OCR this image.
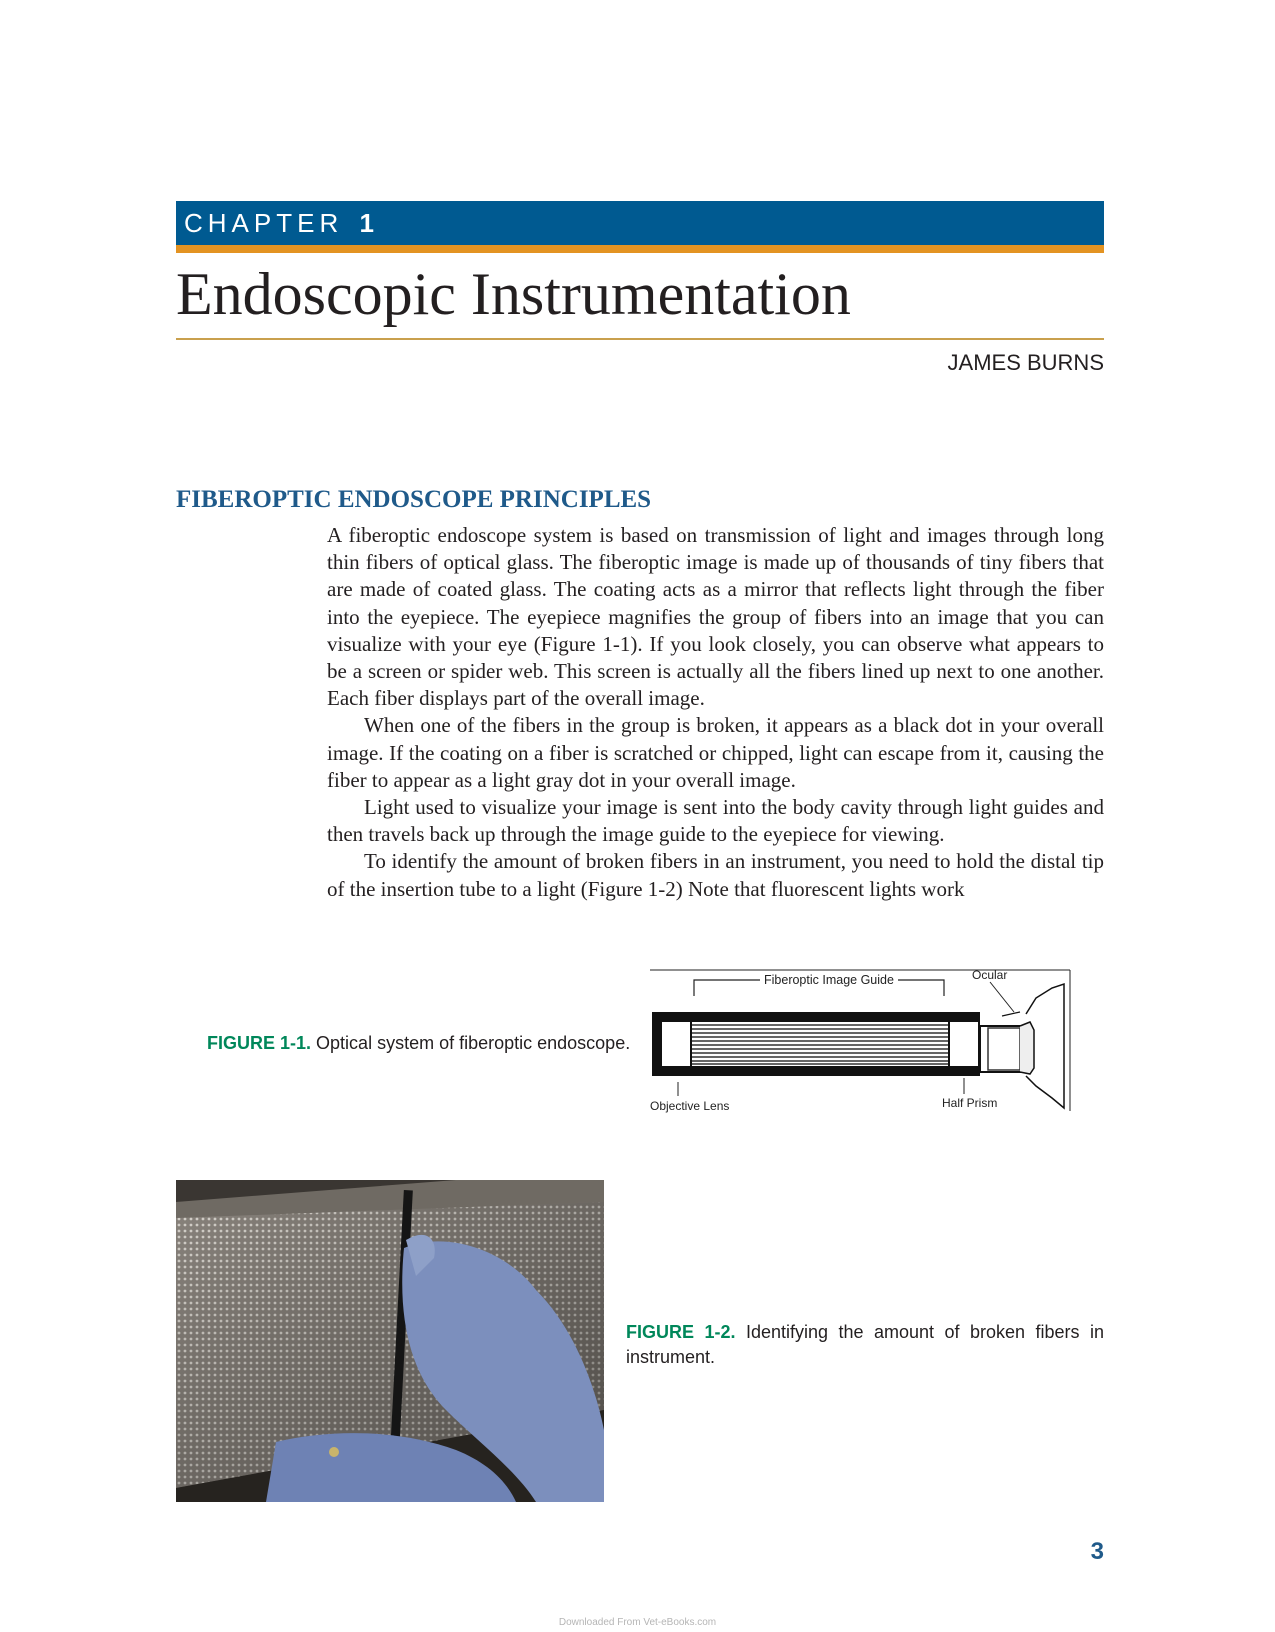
CHAPTER 1
Endoscopic Instrumentation
JAMES BURNS
FIBEROPTIC ENDOSCOPE PRINCIPLES

A fiberoptic endoscope system is based on transmission of light and images through long thin fibers of optical glass. The fiberoptic image is made up of thousands of tiny fibers that are made of coated glass. The coating acts as a mirror that reflects light through the fiber into the eyepiece. The eyepiece magnifies the group of fibers into an image that you can visualize with your eye (Figure 1-1). If you look closely, you can observe what appears to be a screen or spider web. This screen is actually all the fibers lined up next to one another. Each fiber displays part of the overall image.

When one of the fibers in the group is broken, it appears as a black dot in your overall image. If the coating on a fiber is scratched or chipped, light can escape from it, causing the fiber to appear as a light gray dot in your overall image.

Light used to visualize your image is sent into the body cavity through light guides and then travels back up through the image guide to the eyepiece for viewing.

To identify the amount of broken fibers in an instrument, you need to hold the distal tip of the insertion tube to a light (Figure 1-2) Note that fluorescent lights work

FIGURE 1-1. Optical system of fiberoptic endoscope.
Fiberoptic Image Guide	Ocular
Objective Lens	Half Prism
FIGURE 1-2. Identifying the amount of broken fibers in instrument.
3
Downloaded From Vet-eBooks.com
